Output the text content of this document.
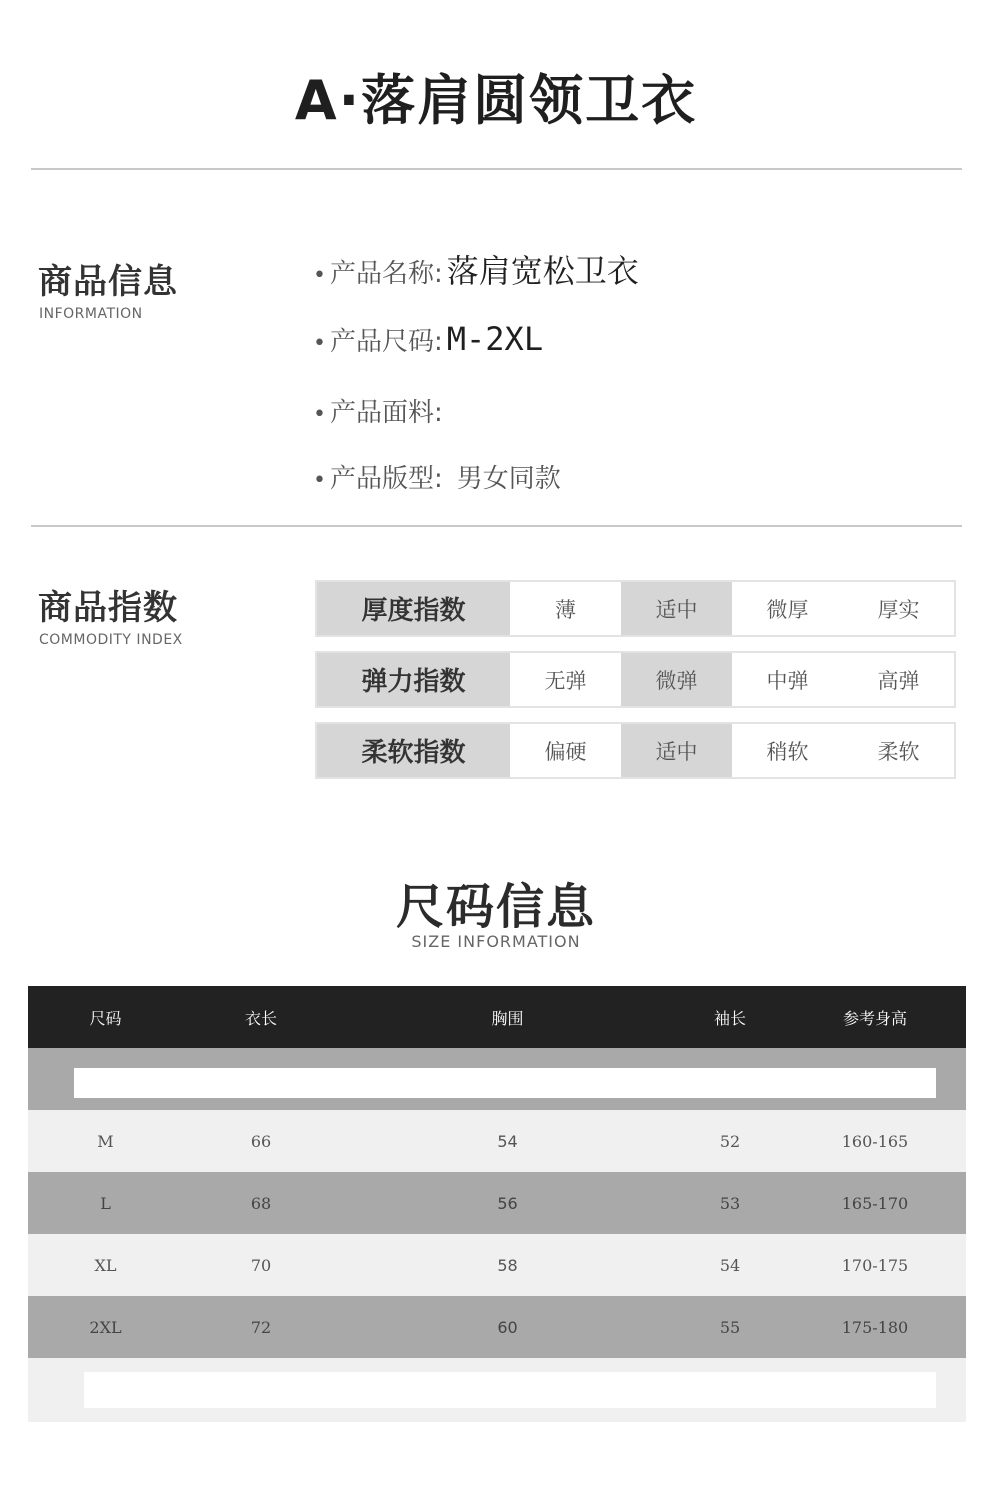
A·落肩圆领卫衣
商品信息
INFORMATION
• 产品名称: 落肩宽松卫衣
• 产品尺码: M-2XL
• 产品面料:
• 产品版型: 男女同款
商品指数
COMMODITY INDEX
厚度指数	薄	适中	微厚	厚实
弹力指数	无弹	微弹	中弹	高弹
柔软指数	偏硬	适中	稍软	柔软
尺码信息
SIZE INFORMATION
尺码	衣长	胸围	袖长	参考身高
M	66	54	52	160-165
L	68	56	53	165-170
XL	70	58	54	170-175
2XL	72	60	55	175-180
